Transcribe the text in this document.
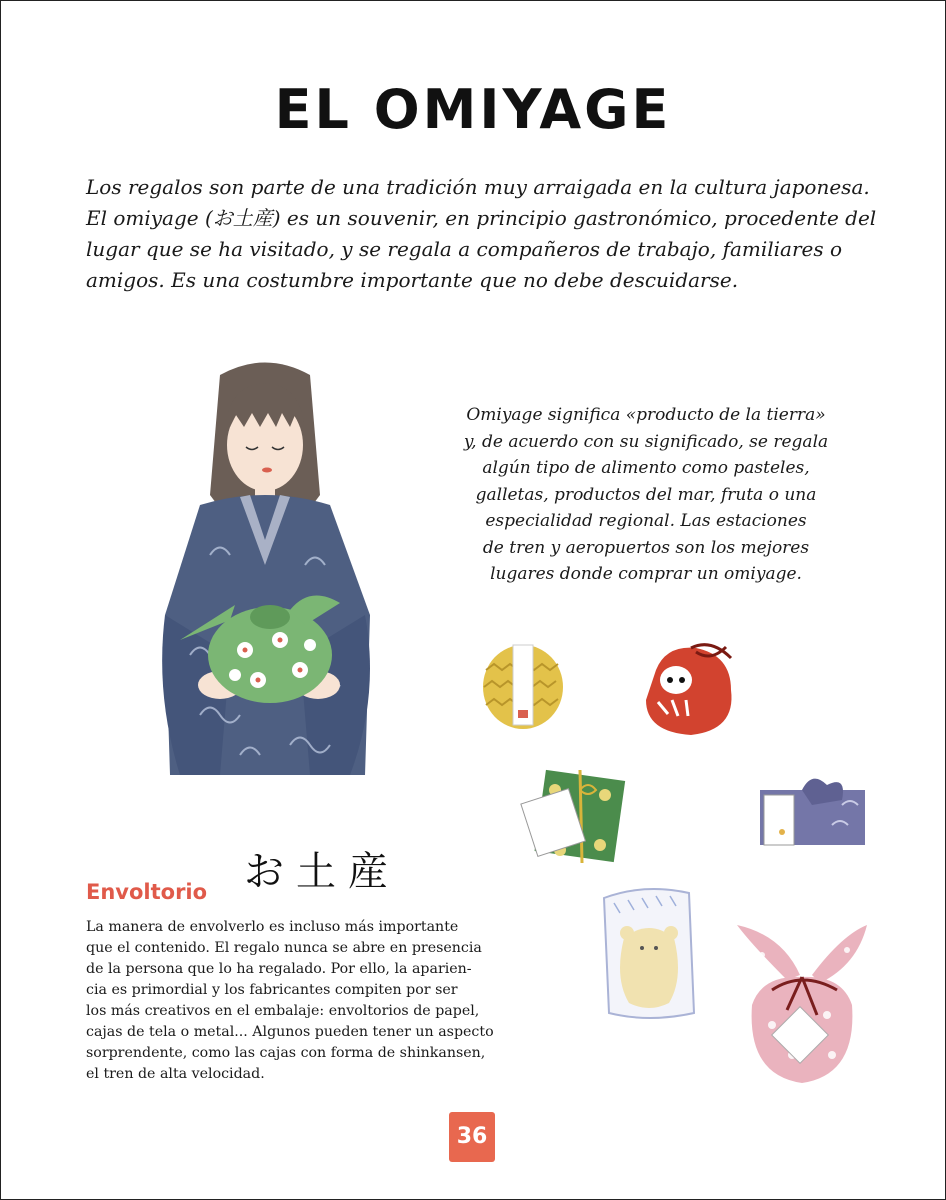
EL OMIYAGE
Los regalos son parte de una tradición muy arraigada en la cultura japonesa.
El omiyage (お土産) es un souvenir, en principio gastronómico, procedente del
lugar que se ha visitado, y se regala a compañeros de trabajo, familiares o
amigos. Es una costumbre importante que no debe descuidarse.
Omiyage significa «producto de la tierra»
y, de acuerdo con su significado, se regala
algún tipo de alimento como pasteles,
galletas, productos del mar, fruta o una
especialidad regional. Las estaciones
de tren y aeropuertos son los mejores
lugares donde comprar un omiyage.
お土産
Envoltorio
La manera de envolverlo es incluso más importante
que el contenido. El regalo nunca se abre en presencia
de la persona que lo ha regalado. Por ello, la aparien-
cia es primordial y los fabricantes compiten por ser
los más creativos en el embalaje: envoltorios de papel,
cajas de tela o metal... Algunos pueden tener un aspecto
sorprendente, como las cajas con forma de shinkansen,
el tren de alta velocidad.
36
